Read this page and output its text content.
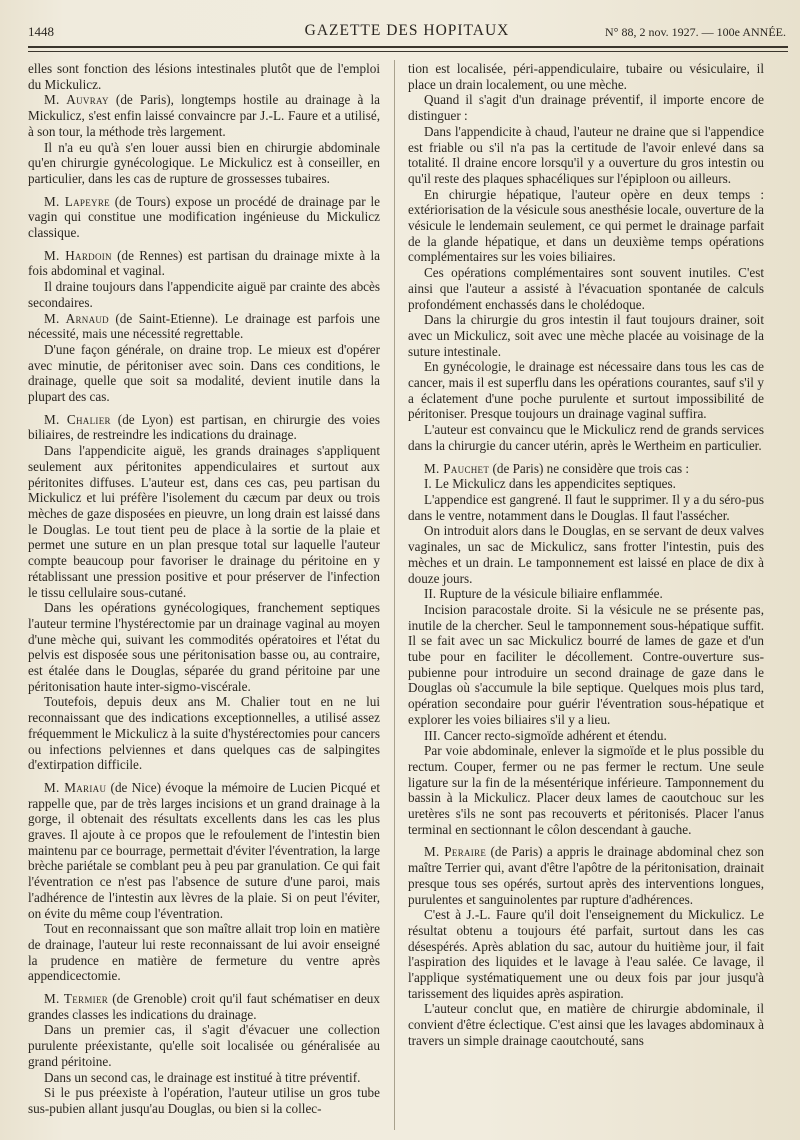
1448	GAZETTE DES HOPITAUX	N° 88, 2 nov. 1927. — 100e ANNÉE.

elles sont fonction des lésions intestinales plutôt que de l'emploi du Mickulicz.

M. Auvray (de Paris), longtemps hostile au drainage à la Mickulicz, s'est enfin laissé convaincre par J.-L. Faure et a utilisé, à son tour, la méthode très largement.

Il n'a eu qu'à s'en louer aussi bien en chirurgie abdominale qu'en chirurgie gynécologique. Le Mickulicz est à conseiller, en particulier, dans les cas de rupture de grossesses tubaires.

M. Lapeyre (de Tours) expose un procédé de drainage par le vagin qui constitue une modification ingénieuse du Mickulicz classique.

M. Hardoin (de Rennes) est partisan du drainage mixte à la fois abdominal et vaginal.

Il draine toujours dans l'appendicite aiguë par crainte des abcès secondaires.

M. Arnaud (de Saint-Etienne). Le drainage est parfois une nécessité, mais une nécessité regrettable.

D'une façon générale, on draine trop. Le mieux est d'opérer avec minutie, de péritoniser avec soin. Dans ces conditions, le drainage, quelle que soit sa modalité, devient inutile dans la plupart des cas.

M. Chalier (de Lyon) est partisan, en chirurgie des voies biliaires, de restreindre les indications du drainage.

Dans l'appendicite aiguë, les grands drainages s'appliquent seulement aux péritonites appendiculaires et surtout aux péritonites diffuses. L'auteur est, dans ces cas, peu partisan du Mickulicz et lui préfère l'isolement du cæcum par deux ou trois mèches de gaze disposées en pieuvre, un long drain est laissé dans le Douglas. Le tout tient peu de place à la sortie de la plaie et permet une suture en un plan presque total sur laquelle l'auteur compte beaucoup pour favoriser le drainage du péritoine en y rétablissant une pression positive et pour préserver de l'infection le tissu cellulaire sous-cutané.

Dans les opérations gynécologiques, franchement septiques l'auteur termine l'hystérectomie par un drainage vaginal au moyen d'une mèche qui, suivant les commodités opératoires et l'état du pelvis est disposée sous une péritonisation basse ou, au contraire, est étalée dans le Douglas, séparée du grand péritoine par une péritonisation haute inter-sigmo-viscérale.

Toutefois, depuis deux ans M. Chalier tout en ne lui reconnaissant que des indications exceptionnelles, a utilisé assez fréquemment le Mickulicz à la suite d'hystérectomies pour cancers ou infections pelviennes et dans quelques cas de salpingites d'extirpation difficile.

M. Mariau (de Nice) évoque la mémoire de Lucien Picqué et rappelle que, par de très larges incisions et un grand drainage à la gorge, il obtenait des résultats excellents dans les cas les plus graves. Il ajoute à ce propos que le refoulement de l'intestin bien maintenu par ce bourrage, permettait d'éviter l'éventration, la large brèche pariétale se comblant peu à peu par granulation. Ce qui fait l'éventration ce n'est pas l'absence de suture d'une paroi, mais l'adhérence de l'intestin aux lèvres de la plaie. Si on peut l'éviter, on évite du même coup l'éventration.

Tout en reconnaissant que son maître allait trop loin en matière de drainage, l'auteur lui reste reconnaissant de lui avoir enseigné la prudence en matière de fermeture du ventre après appendicectomie.

M. Termier (de Grenoble) croit qu'il faut schématiser en deux grandes classes les indications du drainage.

Dans un premier cas, il s'agit d'évacuer une collection purulente préexistante, qu'elle soit localisée ou généralisée au grand péritoine.

Dans un second cas, le drainage est institué à titre préventif.

Si le pus préexiste à l'opération, l'auteur utilise un gros tube sus-pubien allant jusqu'au Douglas, ou bien si la collec-

tion est localisée, péri-appendiculaire, tubaire ou vésiculaire, il place un drain localement, ou une mèche.

Quand il s'agit d'un drainage préventif, il importe encore de distinguer :

Dans l'appendicite à chaud, l'auteur ne draine que si l'appendice est friable ou s'il n'a pas la certitude de l'avoir enlevé dans sa totalité. Il draine encore lorsqu'il y a ouverture du gros intestin ou qu'il reste des plaques sphacéliques sur l'épiploon ou ailleurs.

En chirurgie hépatique, l'auteur opère en deux temps : extériorisation de la vésicule sous anesthésie locale, ouverture de la vésicule le lendemain seulement, ce qui permet le drainage parfait de la glande hépatique, et dans un deuxième temps opérations complémentaires sur les voies biliaires.

Ces opérations complémentaires sont souvent inutiles. C'est ainsi que l'auteur a assisté à l'évacuation spontanée de calculs profondément enchassés dans le cholédoque.

Dans la chirurgie du gros intestin il faut toujours drainer, soit avec un Mickulicz, soit avec une mèche placée au voisinage de la suture intestinale.

En gynécologie, le drainage est nécessaire dans tous les cas de cancer, mais il est superflu dans les opérations courantes, sauf s'il y a éclatement d'une poche purulente et surtout impossibilité de péritoniser. Presque toujours un drainage vaginal suffira.

L'auteur est convaincu que le Mickulicz rend de grands services dans la chirurgie du cancer utérin, après le Wertheim en particulier.

M. Pauchet (de Paris) ne considère que trois cas :

I. Le Mickulicz dans les appendicites septiques.

L'appendice est gangrené. Il faut le supprimer. Il y a du séro-pus dans le ventre, notamment dans le Douglas. Il faut l'assécher.

On introduit alors dans le Douglas, en se servant de deux valves vaginales, un sac de Mickulicz, sans frotter l'intestin, puis des mèches et un drain. Le tamponnement est laissé en place de dix à douze jours.

II. Rupture de la vésicule biliaire enflammée.

Incision paracostale droite. Si la vésicule ne se présente pas, inutile de la chercher. Seul le tamponnement sous-hépatique suffit. Il se fait avec un sac Mickulicz bourré de lames de gaze et d'un tube pour en faciliter le décollement. Contre-ouverture sus-pubienne pour introduire un second drainage de gaze dans le Douglas où s'accumule la bile septique. Quelques mois plus tard, opération secondaire pour guérir l'éventration sous-hépatique et explorer les voies biliaires s'il y a lieu.

III. Cancer recto-sigmoïde adhérent et étendu.

Par voie abdominale, enlever la sigmoïde et le plus possible du rectum. Couper, fermer ou ne pas fermer le rectum. Une seule ligature sur la fin de la mésentérique inférieure. Tamponnement du bassin à la Mickulicz. Placer deux lames de caoutchouc sur les uretères s'ils ne sont pas recouverts et péritonisés. Placer l'anus terminal en sectionnant le côlon descendant à gauche.

M. Peraire (de Paris) a appris le drainage abdominal chez son maître Terrier qui, avant d'être l'apôtre de la péritonisation, drainait presque tous ses opérés, surtout après des interventions longues, purulentes et sanguinolentes par rupture d'adhérences.

C'est à J.-L. Faure qu'il doit l'enseignement du Mickulicz. Le résultat obtenu a toujours été parfait, surtout dans les cas désespérés. Après ablation du sac, autour du huitième jour, il fait l'aspiration des liquides et le lavage à l'eau salée. Ce lavage, il l'applique systématiquement une ou deux fois par jour jusqu'à tarissement des liquides après aspiration.

L'auteur conclut que, en matière de chirurgie abdominale, il convient d'être éclectique. C'est ainsi que les lavages abdominaux à travers un simple drainage caoutchouté, sans
